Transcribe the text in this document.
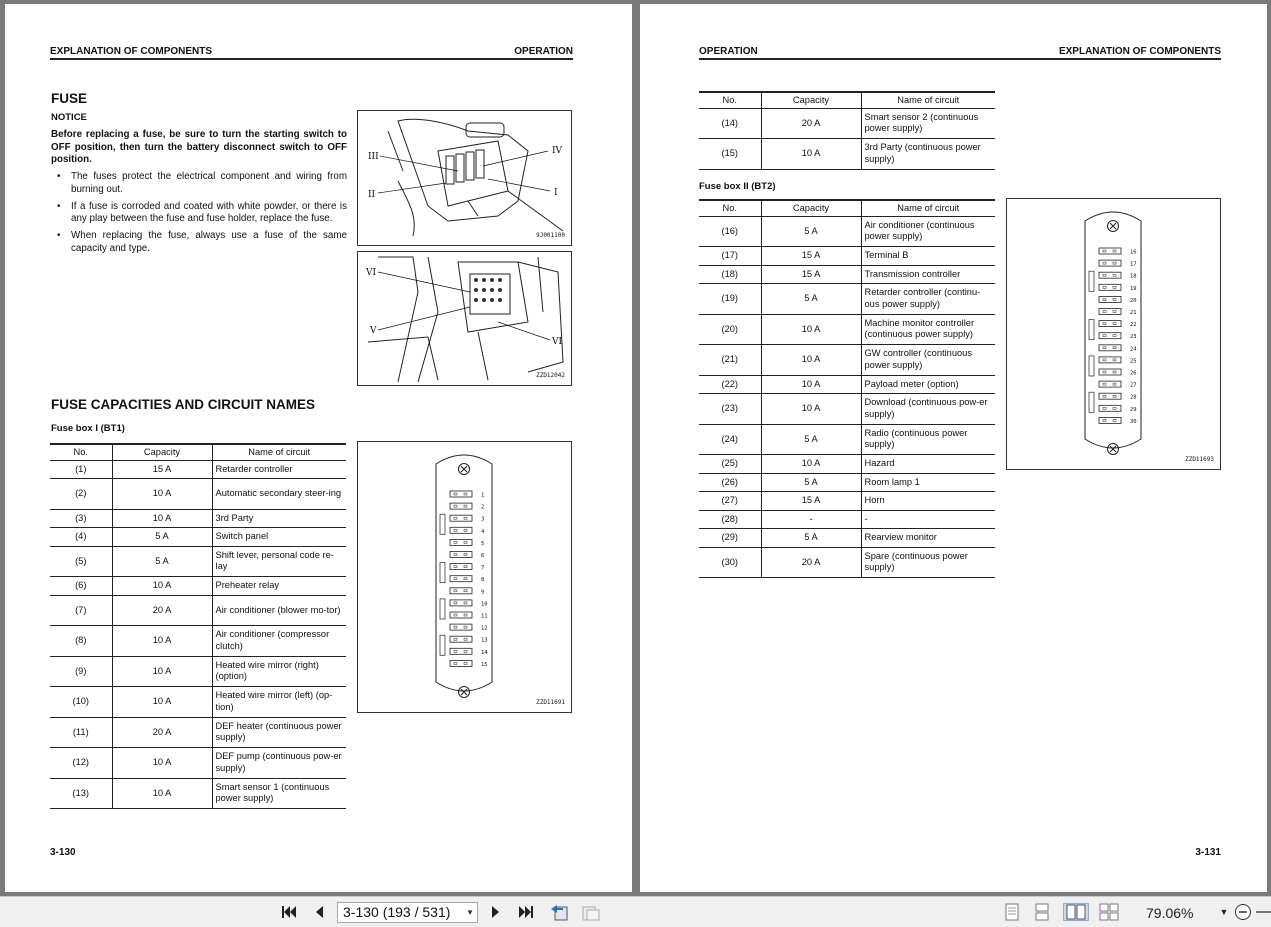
EXPLANATION OF COMPONENTS	OPERATION
FUSE
NOTICE
Before replacing a fuse, be sure to turn the starting switch to OFF position, then turn the battery disconnect switch to OFF position.
• The fuses protect the electrical component and wiring from burning out.
• If a fuse is corroded and coated with white powder, or there is any play between the fuse and fuse holder, replace the fuse.
• When replacing the fuse, always use a fuse of the same capacity and type.
III
IV
II	I
9J001100
VI
V
VI
ZZD12042
FUSE CAPACITIES AND CIRCUIT NAMES
Fuse box I (BT1)
No.	Capacity	Name of circuit
(1)	15 A	Retarder controller
(2)	10 A	Automatic secondary steer-ing
(3)	10 A	3rd Party
(4)	5 A	Switch panel
(5)	5 A	Shift lever, personal code re-lay
(6)	10 A	Preheater relay
(7)	20 A	Air conditioner (blower mo-tor)
(8)	10 A	Air conditioner (compressor clutch)
(9)	10 A	Heated wire mirror (right) (option)
(10)	10 A	Heated wire mirror (left) (op-tion)
(11)	20 A	DEF heater (continuous power supply)
(12)	10 A	DEF pump (continuous pow-er supply)
(13)	10 A	Smart sensor 1 (continuous power supply)
1
2
3
4
5
6
7
8
9
10
11
12
13
14
15
ZZD11691
3-130
OPERATION	EXPLANATION OF COMPONENTS
No.	Capacity	Name of circuit
(14)	20 A	Smart sensor 2 (continuous power supply)
(15)	10 A	3rd Party (continuous power supply)
Fuse box II (BT2)
No.	Capacity	Name of circuit
(16)	5 A	Air conditioner (continuous power supply)
(17)	15 A	Terminal B
(18)	15 A	Transmission controller
(19)	5 A	Retarder controller (continu-ous power supply)
(20)	10 A	Machine monitor controller (continuous power supply)
(21)	10 A	GW controller (continuous power supply)
(22)	10 A	Payload meter (option)
(23)	10 A	Download (continuous pow-er supply)
(24)	5 A	Radio (continuous power supply)
(25)	10 A	Hazard
(26)	5 A	Room lamp 1
(27)	15 A	Horn
(28)	-	-
(29)	5 A	Rearview monitor
(30)	20 A	Spare (continuous power supply)
16
17
18
19
20
21
22
23
24
25
26
27
28
29
30
ZZD11693
3-131
3-130 (193 / 531) ▼	79.06%	▼
